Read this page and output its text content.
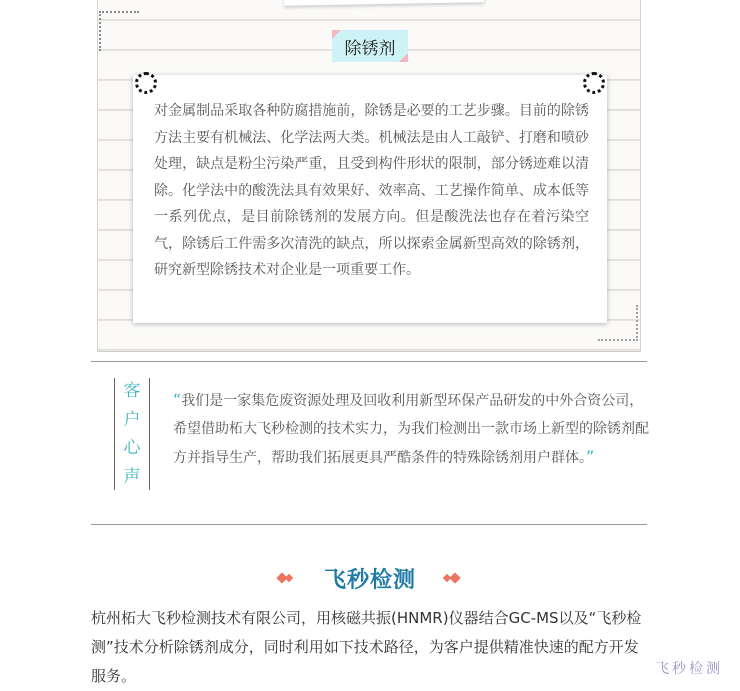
除锈剂

对金属制品采取各种防腐措施前，除锈是必要的工艺步骤。目前的除锈方法主要有机械法、化学法两大类。机械法是由人工敲铲、打磨和喷砂处理，缺点是粉尘污染严重，且受到构件形状的限制，部分锈迹难以清除。化学法中的酸洗法具有效果好、效率高、工艺操作简单、成本低等一系列优点，是目前除锈剂的发展方向。但是酸洗法也存在着污染空气，除锈后工件需多次清洗的缺点，所以探索金属新型高效的除锈剂，研究新型除锈技术对企业是一项重要工作。

客
户
心
声

“我们是一家集危废资源处理及回收利用新型环保产品研发的中外合资公司，希望借助柘大飞秒检测的技术实力，为我们检测出一款市场上新型的除锈剂配方并指导生产，帮助我们拓展更具严酷条件的特殊除锈剂用户群体。”

飞秒检测

杭州柘大飞秒检测技术有限公司，用核磁共振(HNMR)仪器结合GC-MS以及“飞秒检测”技术分析除锈剂成分，同时利用如下技术路径，为客户提供精准快速的配方开发服务。	飞秒检测
